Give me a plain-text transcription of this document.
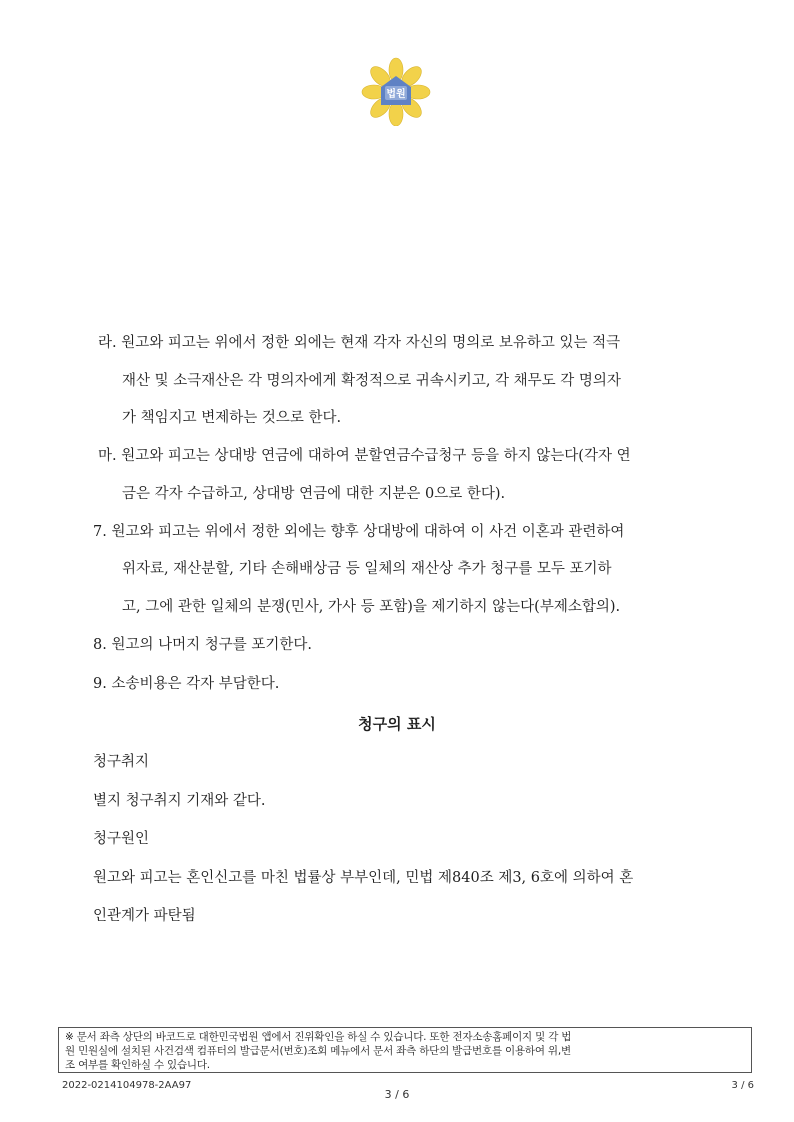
법원
라. 원고와 피고는 위에서 정한 외에는 현재 각자 자신의 명의로 보유하고 있는 적극
재산 및 소극재산은 각 명의자에게 확정적으로 귀속시키고, 각 채무도 각 명의자
가 책임지고 변제하는 것으로 한다.
마. 원고와 피고는 상대방 연금에 대하여 분할연금수급청구 등을 하지 않는다(각자 연
금은 각자 수급하고, 상대방 연금에 대한 지분은 0으로 한다).
7. 원고와 피고는 위에서 정한 외에는 향후 상대방에 대하여 이 사건 이혼과 관련하여
위자료, 재산분할, 기타 손해배상금 등 일체의 재산상 추가 청구를 모두 포기하
고, 그에 관한 일체의 분쟁(민사, 가사 등 포함)을 제기하지 않는다(부제소합의).
8. 원고의 나머지 청구를 포기한다.
9. 소송비용은 각자 부담한다.
청구의 표시
청구취지
별지 청구취지 기재와 같다.
청구원인
원고와 피고는 혼인신고를 마친 법률상 부부인데, 민법 제840조 제3, 6호에 의하여 혼
인관계가 파탄됨
※ 문서 좌측 상단의 바코드로 대한민국법원 앱에서 진위확인을 하실 수 있습니다. 또한 전자소송홈페이지 및 각 법
원 민원실에 설치된 사건검색 컴퓨터의 발급문서(번호)조회 메뉴에서 문서 좌측 하단의 발급번호를 이용하여 위,변
조 여부를 확인하실 수 있습니다.
2022-0214104978-2AA97
3 / 6
3 / 6
